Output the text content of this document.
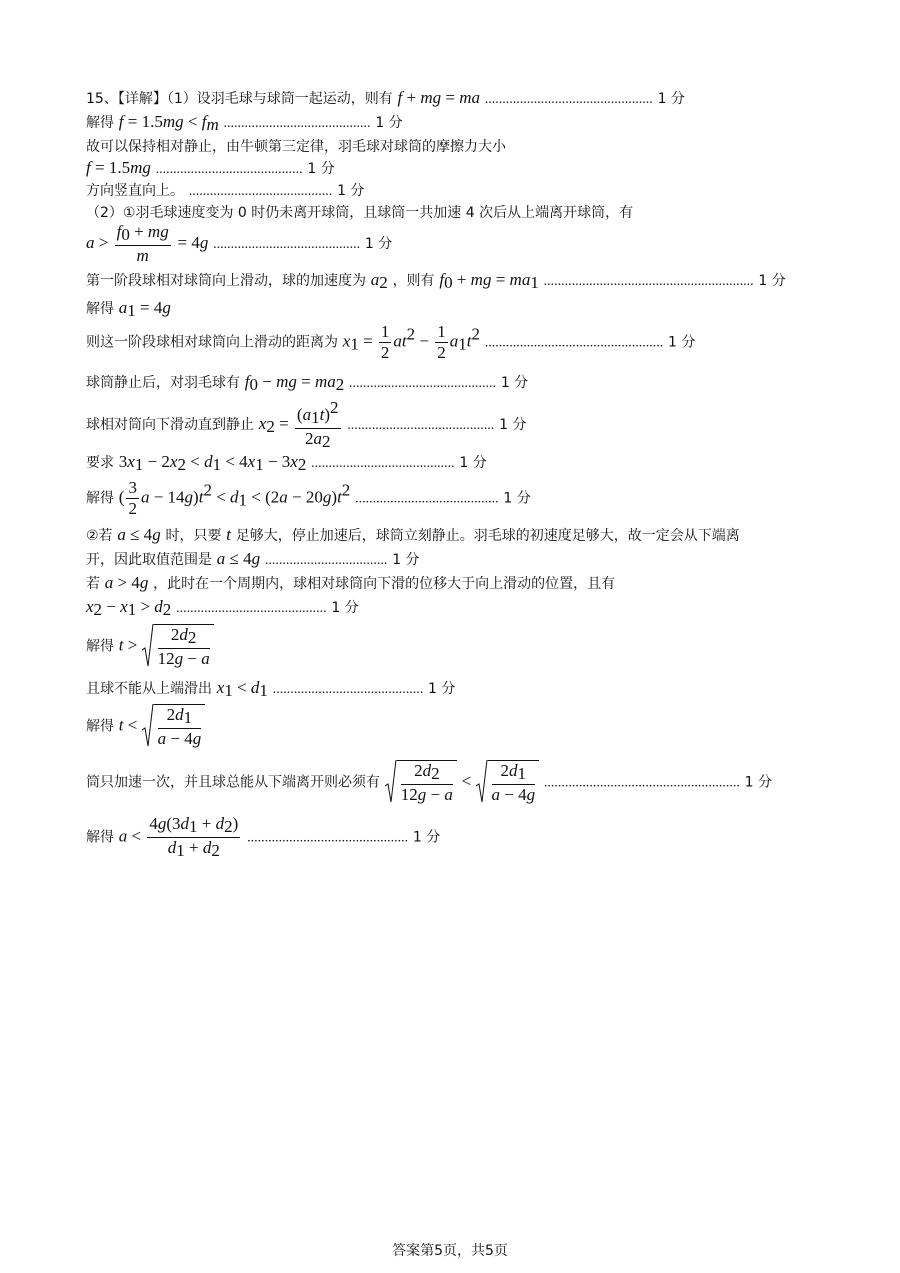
15、【详解】（1）设羽毛球与球筒一起运动，则有 f + mg = ma ................................................ 1 分
解得 $f = 1.5mg < f_m$ .......................................... 1 分
故可以保持相对静止，由牛顿第三定律，羽毛球对球筒的摩擦力大小
f = 1.5mg .......................................... 1 分
方向竖直向上。 ......................................... 1 分
（2）①羽毛球速度变为 0 时仍未离开球筒，且球筒一共加速 4 次后从上端离开球筒，有
$a > \frac{f_0 + mg}{m} = 4g$ .......................................... 1 分
第一阶段球相对球筒向上滑动，球的加速度为 $a_2$ ，则有 $f_0$ + mg = $ma_1$ ............................................................ 1 分
解得 $a_1 = 4g$
则这一阶段球相对球筒向上滑动的距离为 $x_1 = \frac{1}{2} at^2 - \frac{1}{2} a_1t^2$ ................................................... 1 分
球筒静止后，对羽毛球有 $f_0$ − mg = $ma_2$ .......................................... 1 分
球相对筒向下滑动直到静止 $x_2 = \frac{(a_1t)^2}{2a_2}$ .......................................... 1 分
要求 $3x_1 - 2x_2 < d_1 < 4x_1 - 3x_2$ ......................................... 1 分
解得 ( $\frac{3}{2}$ $a - 14g)t^2 < d_1 < (2a - 20g)t^2$ ......................................... 1 分
②若 a ≤ 4g 时，只要 t 足够大，停止加速后，球筒立刻静止。羽毛球的初速度足够大，故一定会从下端离
开，因此取值范围是 a ≤ 4g ................................... 1 分
若 a > 4g ，此时在一个周期内，球相对球筒向下滑的位移大于向上滑动的位置，且有
$x_2 - x_1 > d_2$ ........................................... 1 分
解得 $t > \frac{2d_2}{12g - a}$
且球不能从上端滑出 $x_1 < d_1$ ........................................... 1 分
解得 $t < \frac{2d_1}{a - 4g}$
筒只加速一次，并且球总能从下端离开则必须有 $\frac{2d_2}{12g - a} < \frac{2d_1}{a - 4g}$ ........................................................ 1 分
解得 $a < \frac{4g(3d_1 + d_2)}{d_1 + d_2}$ .............................................. 1 分
答案第5页，共5页
